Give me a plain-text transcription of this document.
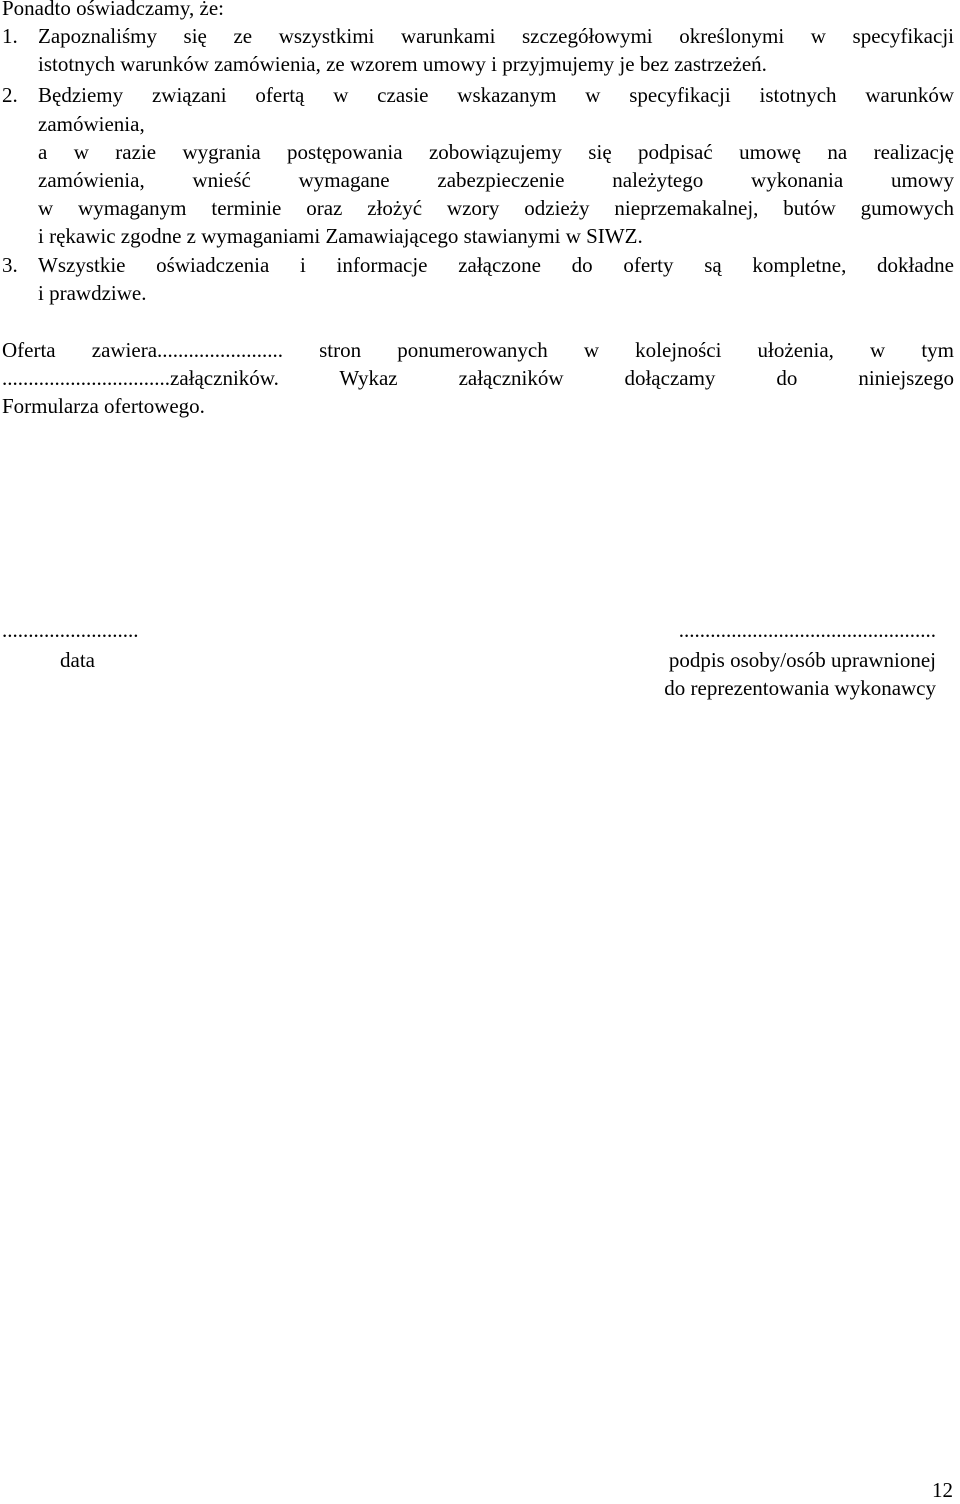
Ponadto oświadczamy, że:
1. Zapoznaliśmy się ze wszystkimi warunkami szczegółowymi określonymi w specyfikacji
istotnych warunków zamówienia, ze wzorem umowy i przyjmujemy je bez zastrzeżeń.
2. Będziemy związani ofertą w czasie wskazanym w specyfikacji istotnych warunków
zamówienia,
a w razie wygrania postępowania zobowiązujemy się podpisać umowę na realizację
zamówienia, wnieść wymagane zabezpieczenie należytego wykonania umowy
w wymaganym terminie oraz złożyć wzory odzieży nieprzemakalnej, butów gumowych
i rękawic zgodne z wymaganiami Zamawiającego stawianymi w SIWZ.
3. Wszystkie oświadczenia i informacje załączone do oferty są kompletne, dokładne
i prawdziwe.
Oferta zawiera........................ stron ponumerowanych w kolejności ułożenia, w tym
................................załączników. Wykaz załączników dołączamy do niniejszego
Formularza ofertowego.
..........................
data
.................................................
podpis osoby/osób uprawnionej
do reprezentowania wykonawcy
12
